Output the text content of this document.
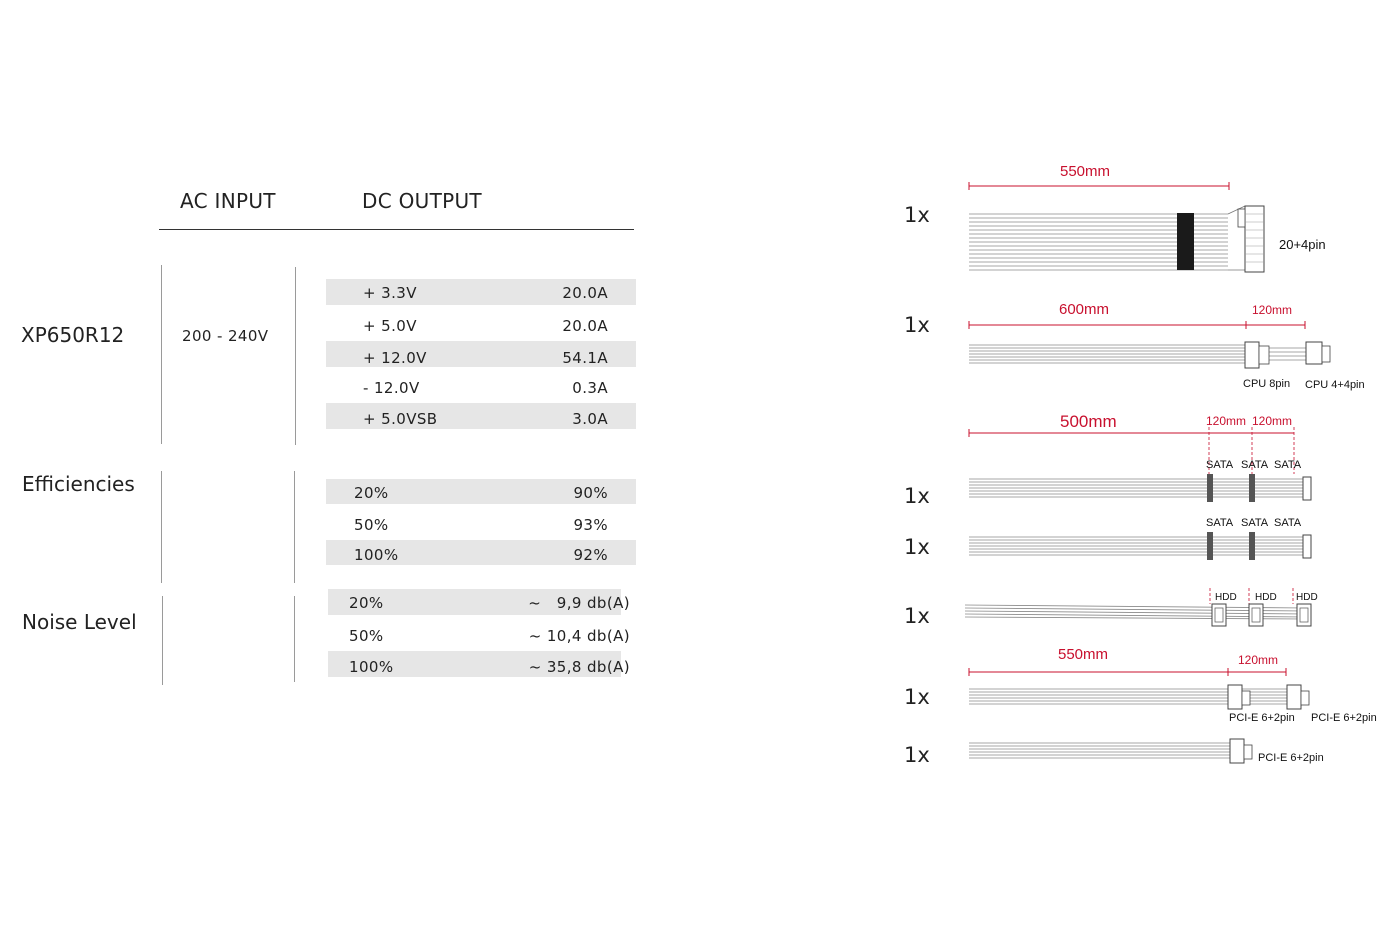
AC INPUT	DC OUTPUT
XP650R12	200 - 240V
+ 3.3V	20.0A
+ 5.0V	20.0A
+ 12.0V	54.1A
- 12.0V	0.3A
+ 5.0VSB	3.0A
Efficiencies	20%	90%
50%	93%
100%	92%
Noise Level
20%	~   9,9 db(A)
50%	~ 10,4 db(A)
100%	~ 35,8 db(A)
1x
1x
1x
1x
1x
1x
1x
550mm
20+4pin
600mm	120mm
CPU 8pin CPU 4+4pin
500mm	120mm 120mm
SATA SATA SATA
SATA SATA SATA
HDD HDD HDD
550mm	120mm
PCI-E 6+2pin PCI-E 6+2pin
PCI-E 6+2pin
